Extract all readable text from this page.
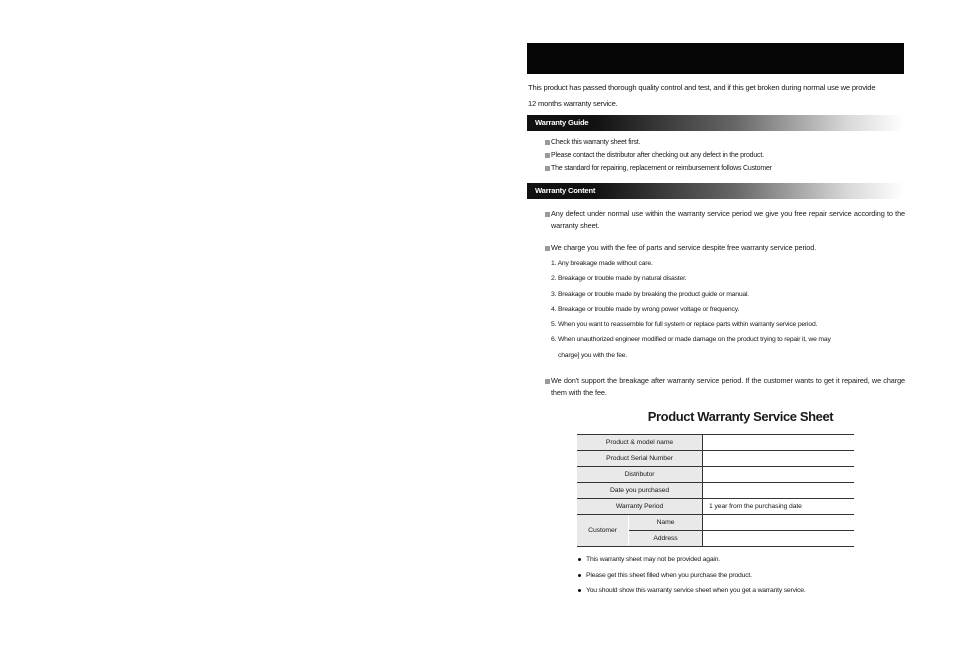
This product has passed thorough quality control and test, and if this get broken during normal use we provide
12 months warranty service.
Warranty Guide
Check this warranty sheet first.
Please contact the distributor after checking out any defect in the product.
The standard for repairing, replacement or reimbursement follows Customer
Warranty Content
Any defect under normal use within the warranty service period we give you free repair service according to the warranty sheet.
We charge you with the fee of parts and service despite free warranty service period.
1. Any breakage made without care.
2. Breakage or trouble made by natural disaster.
3. Breakage or trouble made by breaking the product guide or manual.
4. Breakage or trouble made by wrong power voltage or frequency.
5. When you want to reassemble for full system or replace parts within warranty service period.
6. When unauthorized engineer modified or made damage on the product trying to repair it, we may
charge] you with the fee.
We don't support the breakage after warranty service period. If the customer wants to get it repaired, we charge them with the fee.
Product Warranty Service Sheet
Product & model name		
Product Serial Number		
Distributor		
Date you purchased		
Warranty Period		1 year from the purchasing date
Customer	Name	
	Address	
This warranty sheet may not be provided again.
Please get this sheet filled when you purchase the product.
You should show this warranty service sheet when you get a warranty service.
